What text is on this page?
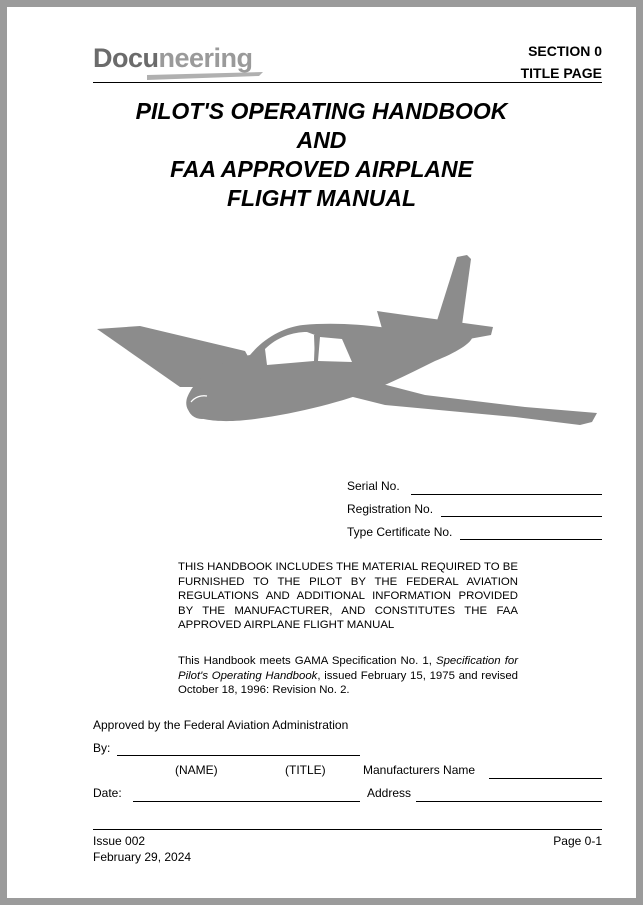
Docuneering	SECTION 0
TITLE PAGE
PILOT'S OPERATING HANDBOOK
AND
FAA APPROVED AIRPLANE
FLIGHT MANUAL
Serial No.
Registration No.
Type Certificate No.

THIS HANDBOOK INCLUDES THE MATERIAL REQUIRED TO BE FURNISHED TO THE PILOT BY THE FEDERAL AVIATION REGULATIONS AND ADDITIONAL INFORMATION PROVIDED BY THE MANUFACTURER, AND CONSTITUTES THE FAA APPROVED AIRPLANE FLIGHT MANUAL

This Handbook meets GAMA Specification No. 1, Specification for Pilot's Operating Handbook, issued February 15, 1975 and revised October 18, 1996: Revision No. 2.

Approved by the Federal Aviation Administration
By:
(NAME)	(TITLE)	Manufacturers Name
Date:	Address
Issue 002
February 29, 2024
Page 0-1
